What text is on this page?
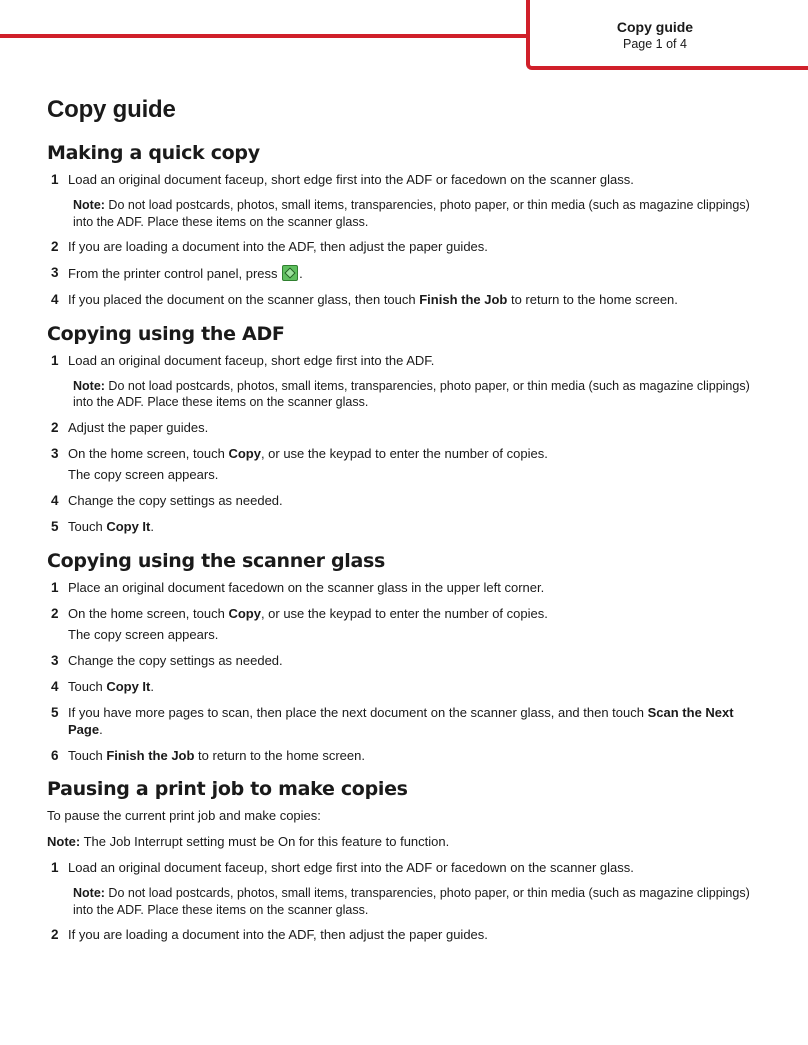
Copy guide
Page 1 of 4
Copy guide
Making a quick copy
1 Load an original document faceup, short edge first into the ADF or facedown on the scanner glass.
Note: Do not load postcards, photos, small items, transparencies, photo paper, or thin media (such as magazine clippings) into the ADF. Place these items on the scanner glass.
2 If you are loading a document into the ADF, then adjust the paper guides.
3 From the printer control panel, press .
4 If you placed the document on the scanner glass, then touch Finish the Job to return to the home screen.
Copying using the ADF
1 Load an original document faceup, short edge first into the ADF.
Note: Do not load postcards, photos, small items, transparencies, photo paper, or thin media (such as magazine clippings) into the ADF. Place these items on the scanner glass.
2 Adjust the paper guides.
3 On the home screen, touch Copy, or use the keypad to enter the number of copies.
The copy screen appears.
4 Change the copy settings as needed.
5 Touch Copy It.
Copying using the scanner glass
1 Place an original document facedown on the scanner glass in the upper left corner.
2 On the home screen, touch Copy, or use the keypad to enter the number of copies.
The copy screen appears.
3 Change the copy settings as needed.
4 Touch Copy It.
5 If you have more pages to scan, then place the next document on the scanner glass, and then touch Scan the Next Page.
6 Touch Finish the Job to return to the home screen.
Pausing a print job to make copies
To pause the current print job and make copies:
Note: The Job Interrupt setting must be On for this feature to function.
1 Load an original document faceup, short edge first into the ADF or facedown on the scanner glass.
Note: Do not load postcards, photos, small items, transparencies, photo paper, or thin media (such as magazine clippings) into the ADF. Place these items on the scanner glass.
2 If you are loading a document into the ADF, then adjust the paper guides.
